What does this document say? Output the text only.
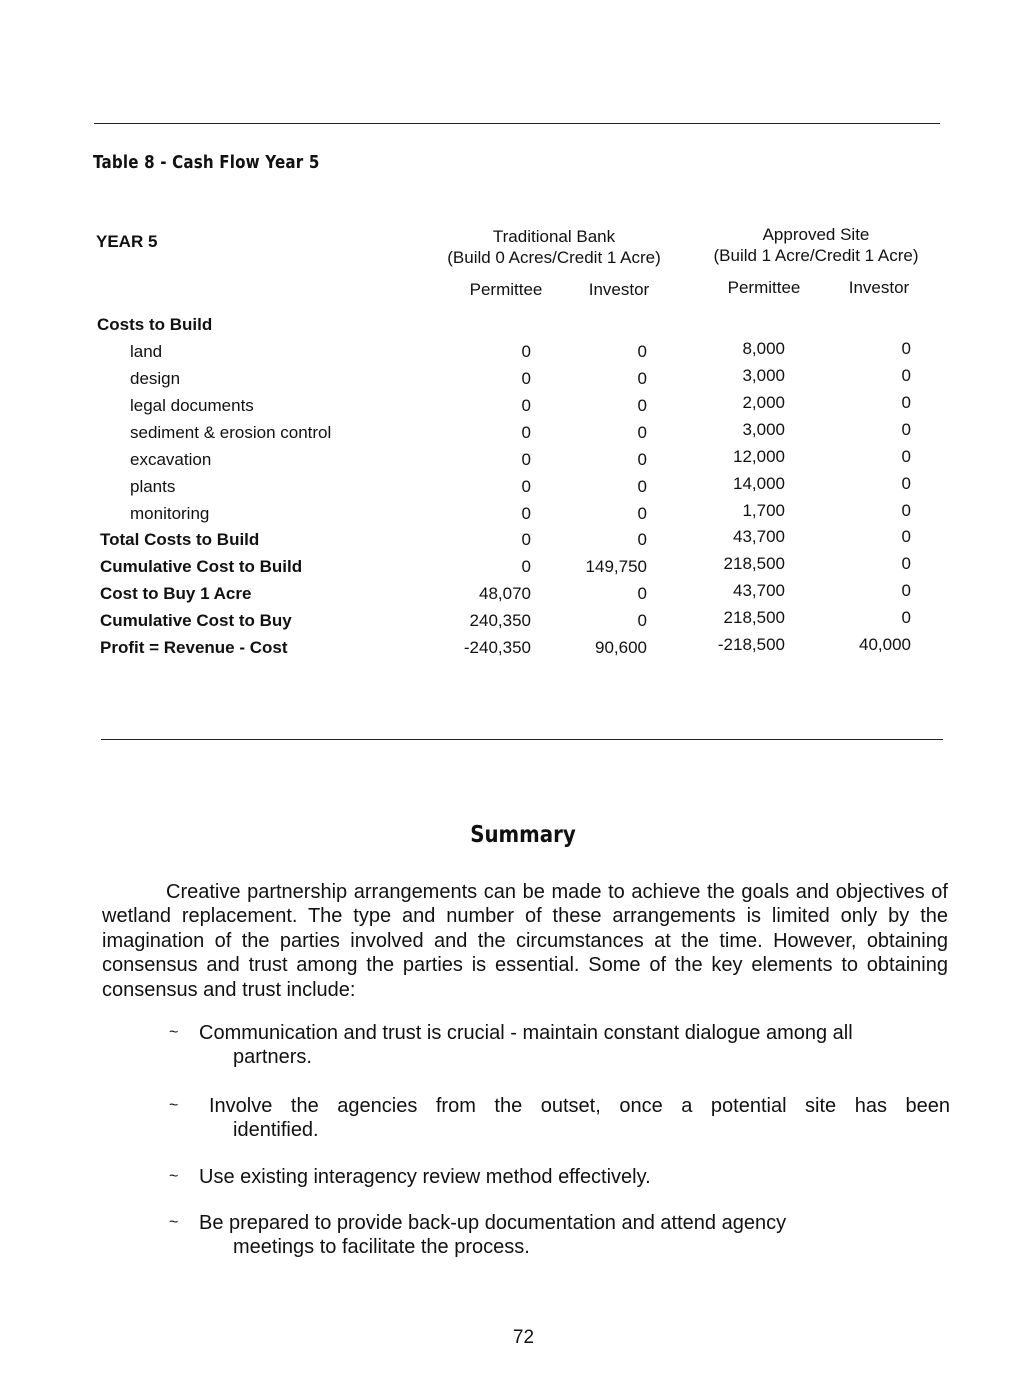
Table 8 - Cash Flow Year 5
YEAR 5	Traditional Bank
(Build 0 Acres/Credit 1 Acre)
Approved Site
(Build 1 Acre/Credit 1 Acre)
Permittee	Investor	Permittee	Investor
Costs to Build
land	0	0	8,000	0
design	0	0	3,000	0
legal documents	0	0	2,000	0
sediment & erosion control	0	0	3,000	0
excavation	0	0	12,000	0
plants	0	0	14,000	0
monitoring	0	0	1,700	0
Total Costs to Build	0	0	43,700	0
Cumulative Cost to Build	0	149,750	218,500	0
Cost to Buy 1 Acre	48,070	0	43,700	0
Cumulative Cost to Buy	240,350	0	218,500	0
Profit = Revenue - Cost	-240,350	90,600	-218,500	40,000
Summary

Creative partnership arrangements can be made to achieve the goals and objectives of wetland replacement. The type and number of these arrangements is limited only by the imagination of the parties involved and the circumstances at the time. However, obtaining consensus and trust among the parties is essential. Some of the key elements to obtaining consensus and trust include:

~ Communication and trust is crucial - maintain constant dialogue among all
partners.

~ Involve the agencies from the outset, once a potential site has been

identified.

~ Use existing interagency review method effectively.

~ Be prepared to provide back-up documentation and attend agency
meetings to facilitate the process.

72
